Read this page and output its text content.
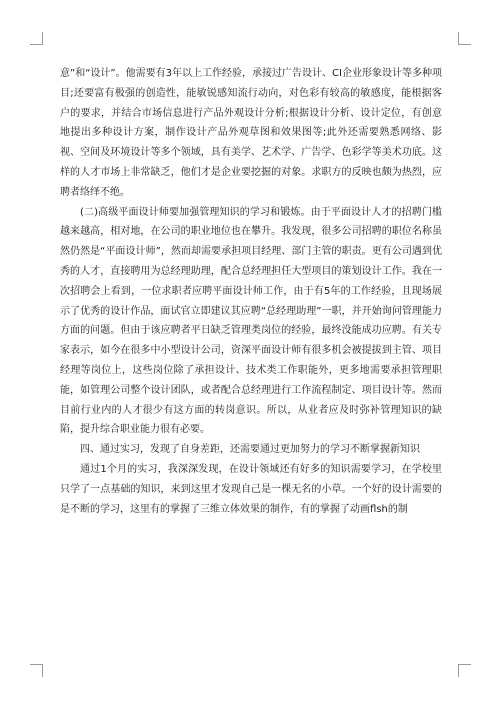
意”和“设计”。他需要有3年以上工作经验，承接过广告设计、CI企业形象设计等多种项目;还要富有极强的创造性，能敏锐感知流行动向，对色彩有较高的敏感度，能根据客户的要求，并结合市场信息进行产品外观设计分析;根据设计分析、设计定位，有创意地提出多种设计方案，制作设计产品外观草图和效果图等;此外还需要熟悉网络、影视、空间及环境设计等多个领域，具有美学、艺术学、广告学、色彩学等美术功底。这样的人才市场上非常缺乏，他们才是企业要挖掘的对象。求职方的反映也颇为热烈，应聘者络绎不绝。

(二)高级平面设计师要加强管理知识的学习和锻炼。由于平面设计人才的招聘门槛越来越高，相对地，在公司的职业地位也在攀升。我发现，很多公司招聘的职位名称虽然仍然是“平面设计师”，然而却需要承担项目经理、部门主管的职责。更有公司遇到优秀的人才，直接聘用为总经理助理，配合总经理担任大型项目的策划设计工作。我在一次招聘会上看到，一位求职者应聘平面设计师工作，由于有5年的工作经验，且现场展示了优秀的设计作品，面试官立即建议其应聘“总经理助理”一职，并开始询问管理能力方面的问题。但由于该应聘者平日缺乏管理类岗位的经验，最终没能成功应聘。有关专家表示，如今在很多中小型设计公司，资深平面设计师有很多机会被提拔到主管、项目经理等岗位上，这些岗位除了承担设计、技术类工作职能外，更多地需要承担管理职能，如管理公司整个设计团队，或者配合总经理进行工作流程制定、项目设计等。然而目前行业内的人才很少有这方面的转岗意识。所以，从业者应及时弥补管理知识的缺陷，提升综合职业能力很有必要。

四、通过实习，发现了自身差距，还需要通过更加努力的学习不断掌握新知识

通过1个月的实习，我深深发现，在设计领域还有好多的知识需要学习，在学校里只学了一点基础的知识，来到这里才发现自己是一棵无名的小草。一个好的设计需要的是不断的学习，这里有的掌握了三维立体效果的制作，有的掌握了动画flsh的制
